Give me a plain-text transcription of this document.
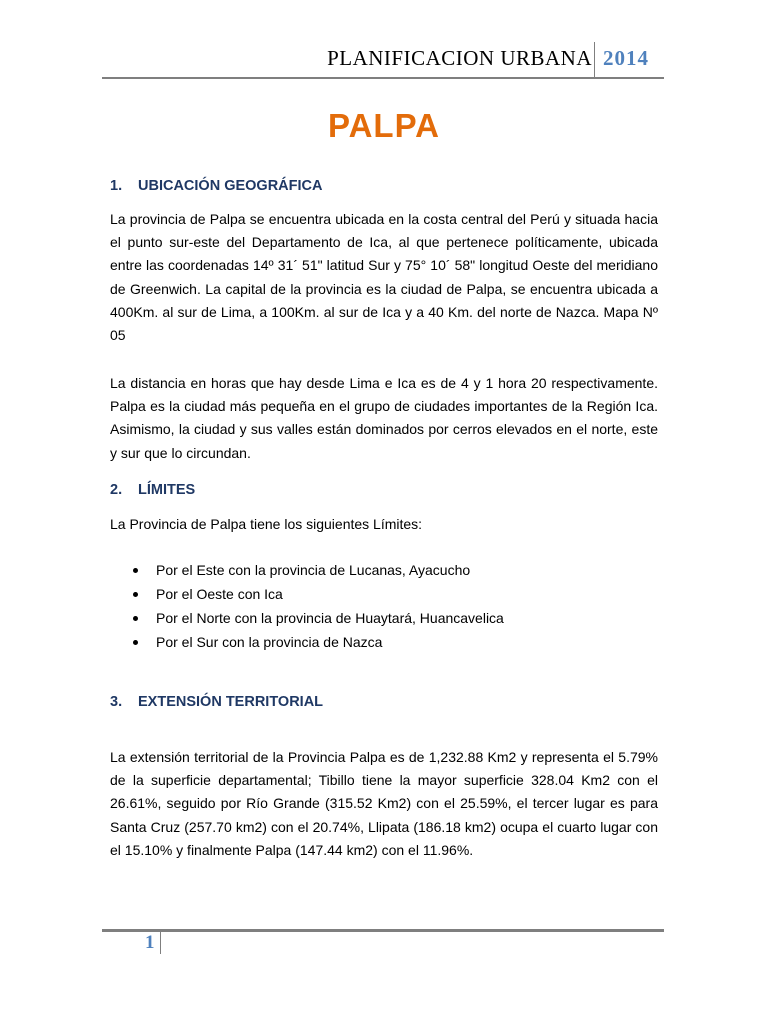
PLANIFICACION URBANA 2014
PALPA
1. UBICACIÓN GEOGRÁFICA

La provincia de Palpa se encuentra ubicada en la costa central del Perú y situada hacia el punto sur-este del Departamento de Ica, al que pertenece políticamente, ubicada entre las coordenadas 14º 31´ 51" latitud Sur y 75° 10´ 58" longitud Oeste del meridiano de Greenwich. La capital de la provincia es la ciudad de Palpa, se encuentra ubicada a 400Km. al sur de Lima, a 100Km. al sur de Ica y a 40 Km. del norte de Nazca. Mapa Nº 05

La distancia en horas que hay desde Lima e Ica es de 4 y 1 hora 20 respectivamente. Palpa es la ciudad más pequeña en el grupo de ciudades importantes de la Región Ica. Asimismo, la ciudad y sus valles están dominados por cerros elevados en el norte, este y sur que lo circundan.

2. LÍMITES

La Provincia de Palpa tiene los siguientes Límites:

Por el Este con la provincia de Lucanas, Ayacucho
Por el Oeste con Ica
Por el Norte con la provincia de Huaytará, Huancavelica
Por el Sur con la provincia de Nazca
3. EXTENSIÓN TERRITORIAL

La extensión territorial de la Provincia Palpa es de 1,232.88 Km2 y representa el 5.79% de la superficie departamental; Tibillo tiene la mayor superficie 328.04 Km2 con el 26.61%, seguido por Río Grande (315.52 Km2) con el 25.59%, el tercer lugar es para Santa Cruz (257.70 km2) con el 20.74%, Llipata (186.18 km2) ocupa el cuarto lugar con el 15.10% y finalmente Palpa (147.44 km2) con el 11.96%.

1
